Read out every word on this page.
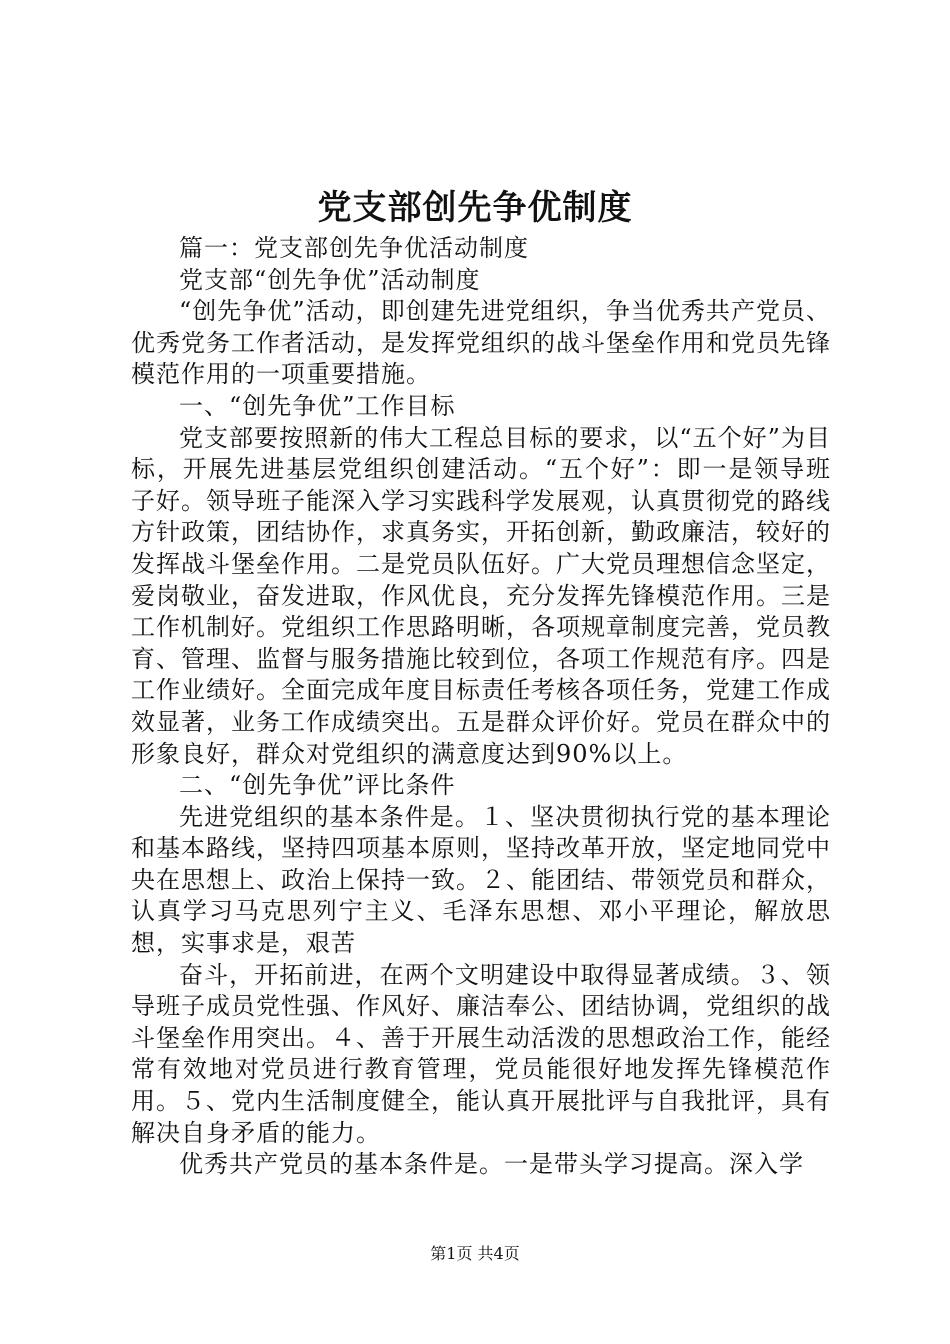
党支部创先争优制度

篇一：党支部创先争优活动制度

党支部“创先争优”活动制度

“创先争优”活动，即创建先进党组织，争当优秀共产党员、优秀党务工作者活动，是发挥党组织的战斗堡垒作用和党员先锋模范作用的一项重要措施。

一、“创先争优”工作目标

党支部要按照新的伟大工程总目标的要求，以“五个好”为目标，开展先进基层党组织创建活动。“五个好”：即一是领导班子好。领导班子能深入学习实践科学发展观，认真贯彻党的路线方针政策，团结协作，求真务实，开拓创新，勤政廉洁，较好的发挥战斗堡垒作用。二是党员队伍好。广大党员理想信念坚定，爱岗敬业，奋发进取，作风优良，充分发挥先锋模范作用。三是工作机制好。党组织工作思路明晰，各项规章制度完善，党员教育、管理、监督与服务措施比较到位，各项工作规范有序。四是工作业绩好。全面完成年度目标责任考核各项任务，党建工作成效显著，业务工作成绩突出。五是群众评价好。党员在群众中的形象良好，群众对党组织的满意度达到90%以上。

二、“创先争优”评比条件

先进党组织的基本条件是。１、坚决贯彻执行党的基本理论和基本路线，坚持四项基本原则，坚持改革开放，坚定地同党中央在思想上、政治上保持一致。２、能团结、带领党员和群众，认真学习马克思列宁主义、毛泽东思想、邓小平理论，解放思想，实事求是，艰苦

奋斗，开拓前进，在两个文明建设中取得显著成绩。３、领导班子成员党性强、作风好、廉洁奉公、团结协调，党组织的战斗堡垒作用突出。４、善于开展生动活泼的思想政治工作，能经常有效地对党员进行教育管理，党员能很好地发挥先锋模范作用。５、党内生活制度健全，能认真开展批评与自我批评，具有解决自身矛盾的能力。

优秀共产党员的基本条件是。一是带头学习提高。深入学

第1页 共4页
